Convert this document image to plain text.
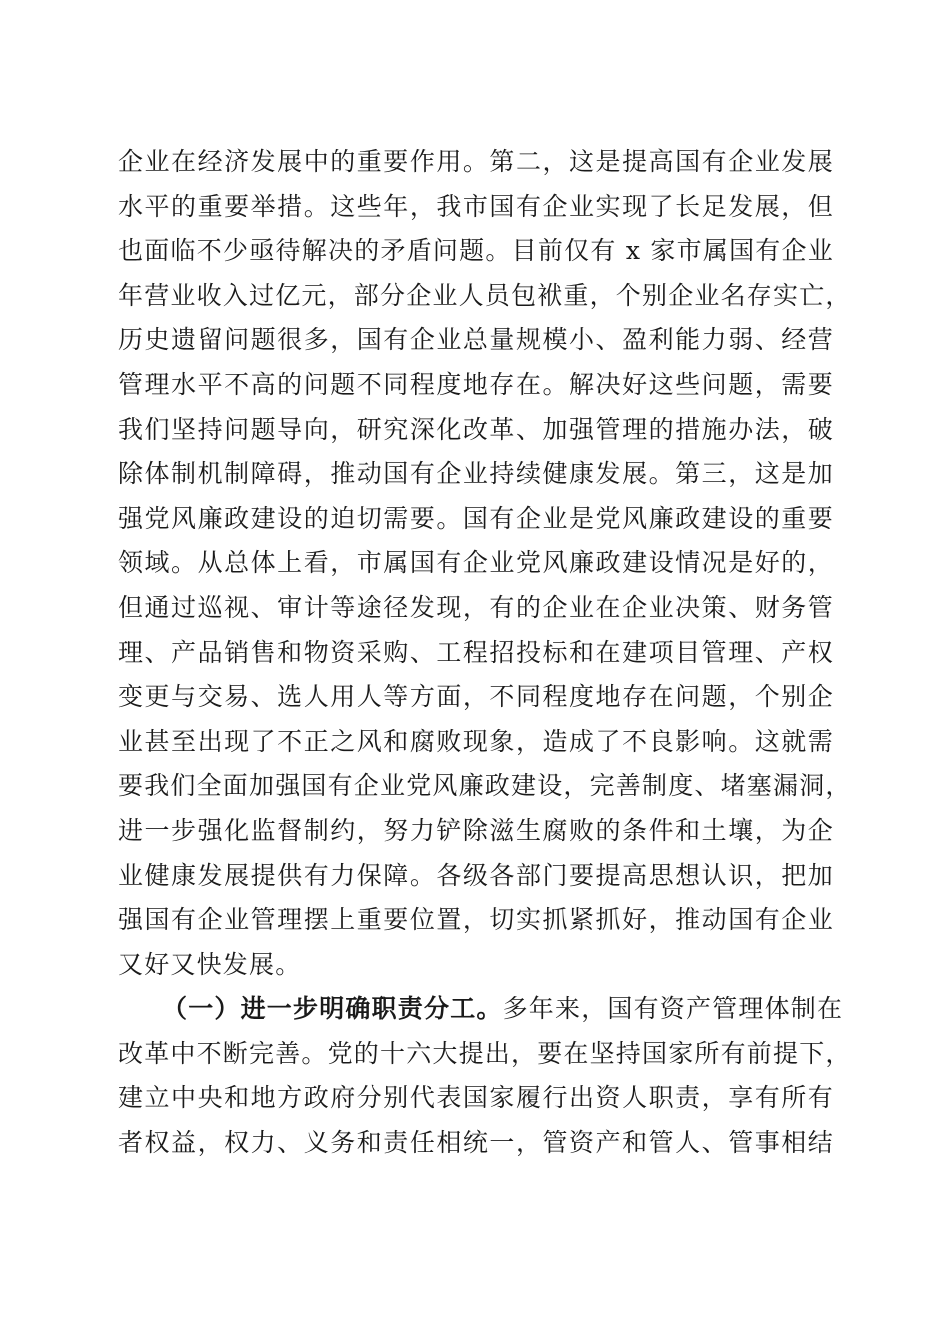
企业在经济发展中的重要作用。第二，这是提高国有企业发展
水平的重要举措。这些年，我市国有企业实现了长足发展，但
也面临不少亟待解决的矛盾问题。目前仅有 x 家市属国有企业
年营业收入过亿元，部分企业人员包袱重，个别企业名存实亡，
历史遗留问题很多，国有企业总量规模小、盈利能力弱、经营
管理水平不高的问题不同程度地存在。解决好这些问题，需要
我们坚持问题导向，研究深化改革、加强管理的措施办法，破
除体制机制障碍，推动国有企业持续健康发展。第三，这是加
强党风廉政建设的迫切需要。国有企业是党风廉政建设的重要
领域。从总体上看，市属国有企业党风廉政建设情况是好的，
但通过巡视、审计等途径发现，有的企业在企业决策、财务管
理、产品销售和物资采购、工程招投标和在建项目管理、产权
变更与交易、选人用人等方面，不同程度地存在问题，个别企
业甚至出现了不正之风和腐败现象，造成了不良影响。这就需
要我们全面加强国有企业党风廉政建设，完善制度、堵塞漏洞，
进一步强化监督制约，努力铲除滋生腐败的条件和土壤，为企
业健康发展提供有力保障。各级各部门要提高思想认识，把加
强国有企业管理摆上重要位置，切实抓紧抓好，推动国有企业
又好又快发展。
（一）进一步明确职责分工。多年来，国有资产管理体制在
改革中不断完善。党的十六大提出，要在坚持国家所有前提下，
建立中央和地方政府分别代表国家履行出资人职责，享有所有
者权益，权力、义务和责任相统一，管资产和管人、管事相结
